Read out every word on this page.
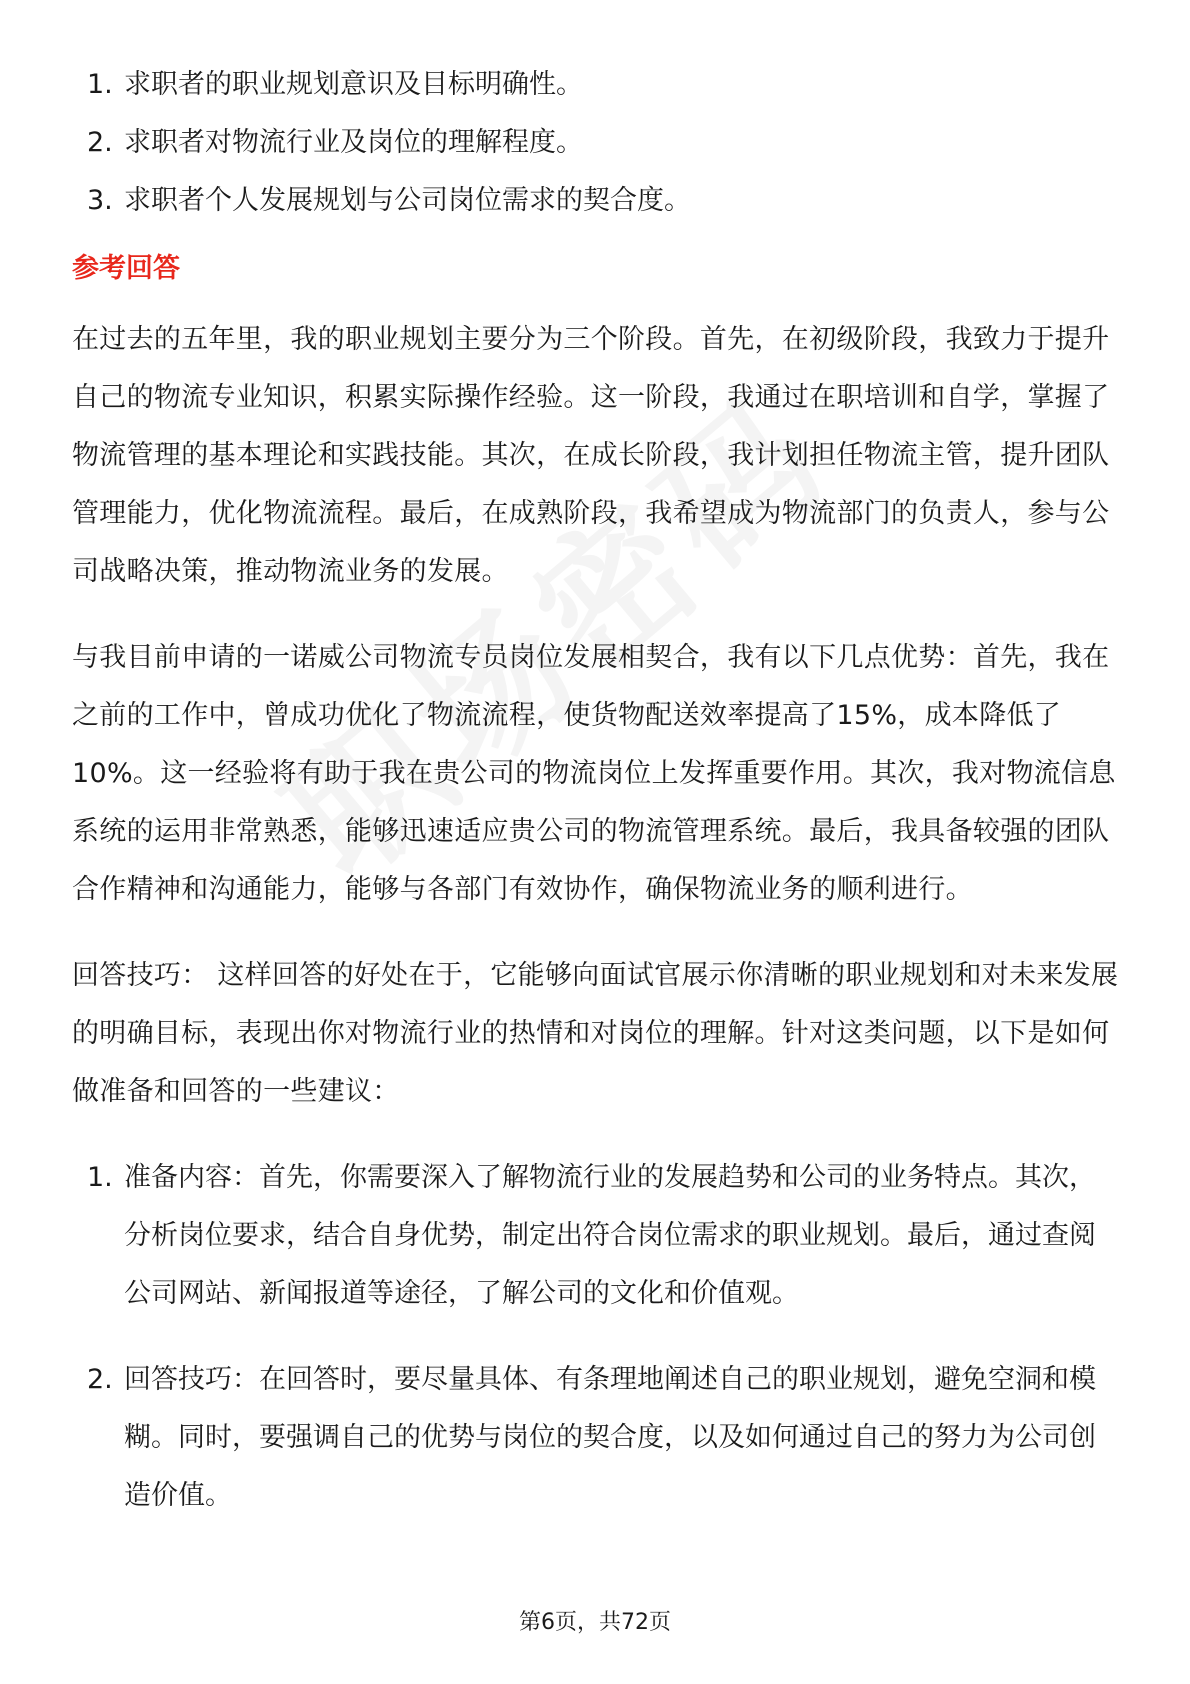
1. 求职者的职业规划意识及目标明确性。
2. 求职者对物流行业及岗位的理解程度。
3. 求职者个人发展规划与公司岗位需求的契合度。
参考回答

在过去的五年里，我的职业规划主要分为三个阶段。首先，在初级阶段，我致力于提升自己的物流专业知识，积累实际操作经验。这一阶段，我通过在职培训和自学，掌握了物流管理的基本理论和实践技能。其次，在成长阶段，我计划担任物流主管，提升团队管理能力，优化物流流程。最后，在成熟阶段，我希望成为物流部门的负责人，参与公司战略决策，推动物流业务的发展。

与我目前申请的一诺威公司物流专员岗位发展相契合，我有以下几点优势：首先，我在之前的工作中，曾成功优化了物流流程，使货物配送效率提高了15%，成本降低了10%。这一经验将有助于我在贵公司的物流岗位上发挥重要作用。其次，我对物流信息系统的运用非常熟悉，能够迅速适应贵公司的物流管理系统。最后，我具备较强的团队合作精神和沟通能力，能够与各部门有效协作，确保物流业务的顺利进行。

回答技巧： 这样回答的好处在于，它能够向面试官展示你清晰的职业规划和对未来发展的明确目标，表现出你对物流行业的热情和对岗位的理解。针对这类问题，以下是如何做准备和回答的一些建议：

1. 准备内容：首先，你需要深入了解物流行业的发展趋势和公司的业务特点。其次，分析岗位要求，结合自身优势，制定出符合岗位需求的职业规划。最后，通过查阅公司网站、新闻报道等途径，了解公司的文化和价值观。
2. 回答技巧：在回答时，要尽量具体、有条理地阐述自己的职业规划，避免空洞和模糊。同时，要强调自己的优势与岗位的契合度，以及如何通过自己的努力为公司创造价值。
第6页，共72页
